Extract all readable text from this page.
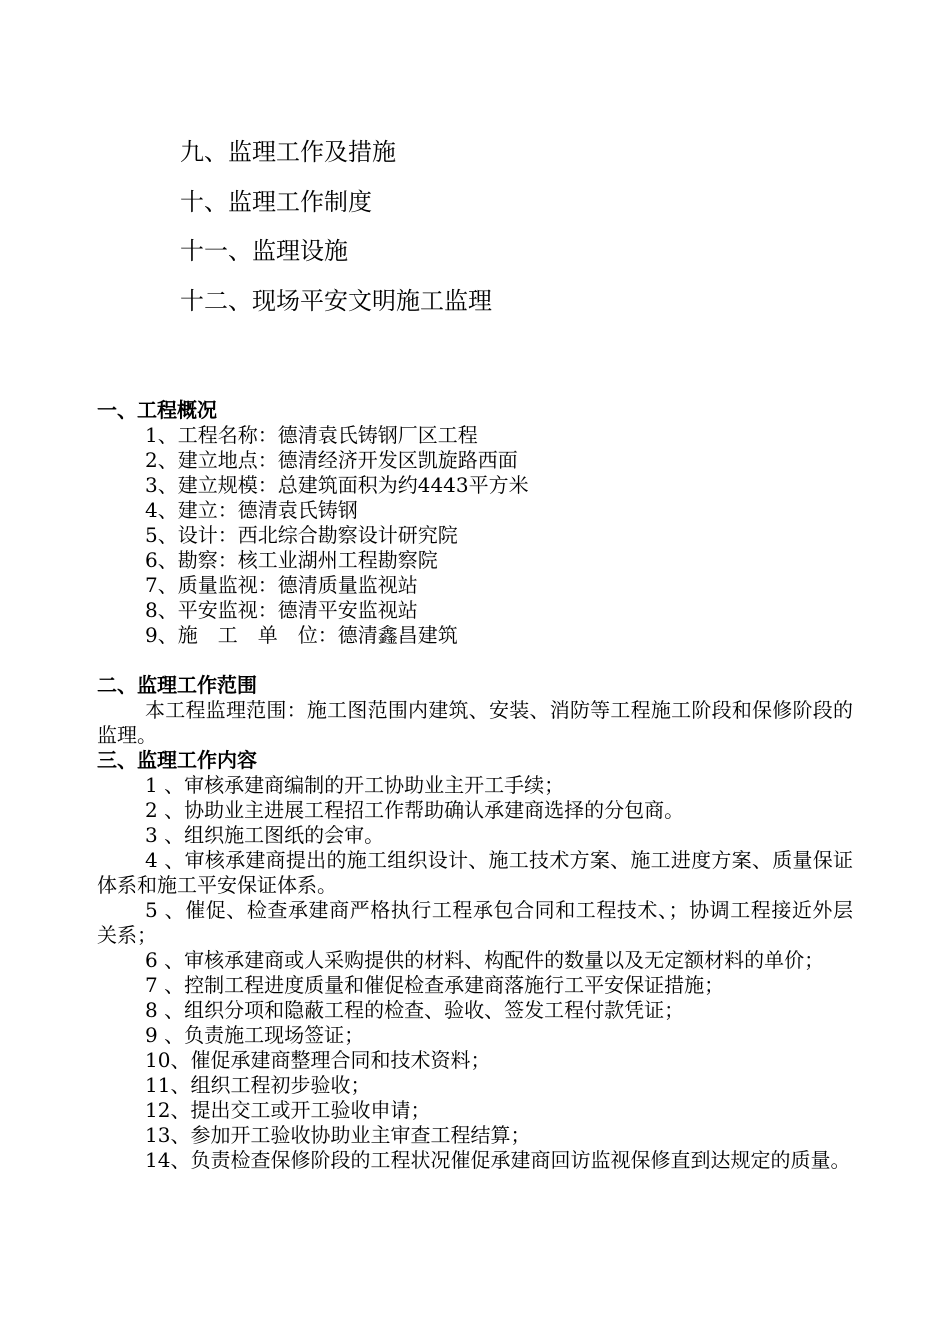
九、监理工作及措施
十、监理工作制度
十一、监理设施
十二、现场平安文明施工监理
一、工程概况
1、工程名称：德清袁氏铸钢厂区工程
2、建立地点：德清经济开发区凯旋路西面
3、建立规模：总建筑面积为约4443平方米
4、建立：德清袁氏铸钢
5、设计：西北综合勘察设计研究院
6、勘察：核工业湖州工程勘察院
7、质量监视：德清质量监视站
8、平安监视：德清平安监视站
9、施　工　单　位：德清鑫昌建筑
二、监理工作范围
本工程监理范围：施工图范围内建筑、安装、消防等工程施工阶段和保修阶段的监理。
三、监理工作内容
1 、审核承建商编制的开工协助业主开工手续；
2 、协助业主进展工程招工作帮助确认承建商选择的分包商。
3 、组织施工图纸的会审。
4 、审核承建商提出的施工组织设计、施工技术方案、施工进度方案、质量保证体系和施工平安保证体系。
5 、催促、检查承建商严格执行工程承包合同和工程技术、；协调工程接近外层关系；
6 、审核承建商或人采购提供的材料、构配件的数量以及无定额材料的单价；
7 、控制工程进度质量和催促检查承建商落施行工平安保证措施；
8 、组织分项和隐蔽工程的检查、验收、签发工程付款凭证；
9 、负责施工现场签证；
10、催促承建商整理合同和技术资料；
11、组织工程初步验收；
12、提出交工或开工验收申请；
13、参加开工验收协助业主审查工程结算；
14、负责检查保修阶段的工程状况催促承建商回访监视保修直到达规定的质量。
